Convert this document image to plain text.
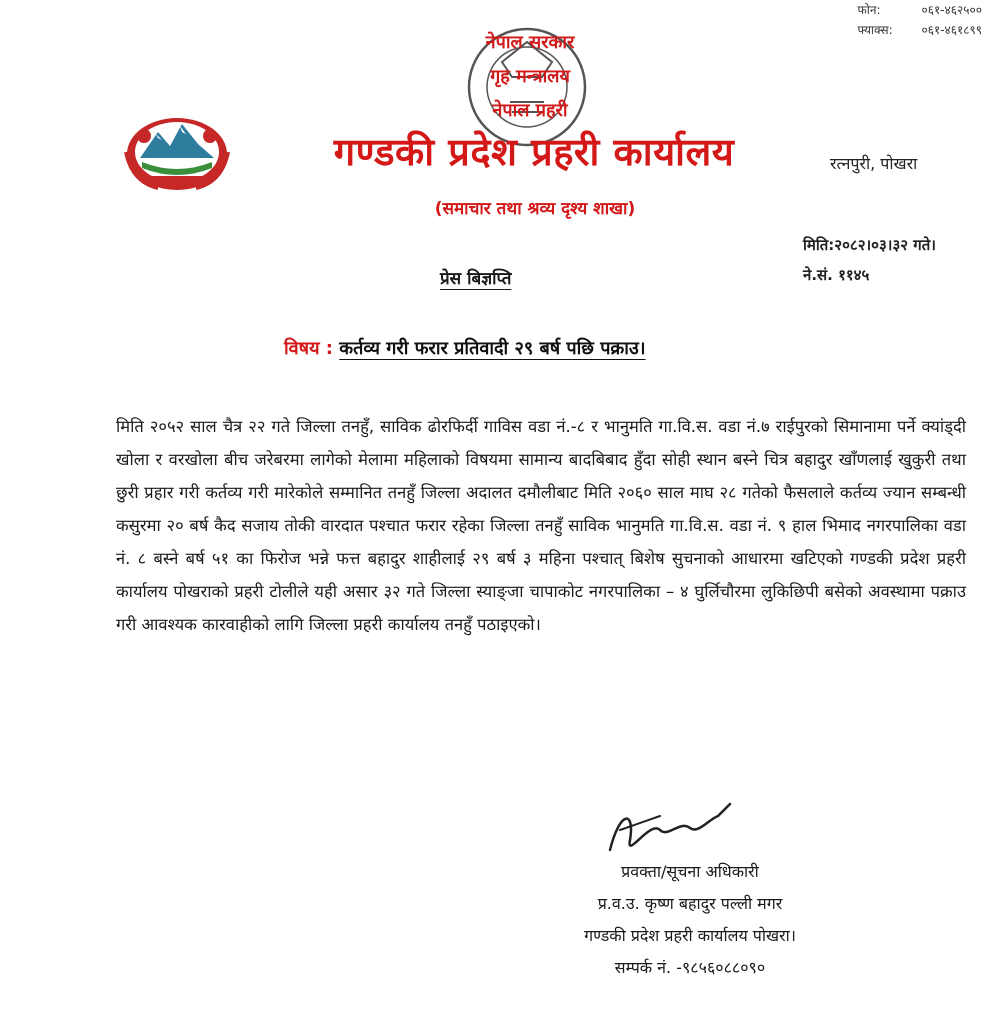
फोन:	०६१-४६२५००
फ्याक्स:	०६१-४६१८९९
नेपाल सरकार
गृह मन्त्रालय
नेपाल प्रहरी
गण्डकी प्रदेश प्रहरी कार्यालय	रत्नपुरी, पोखरा
(समाचार तथा श्रव्य दृश्य शाखा)
मिति:२०८२।०३।३२ गते।
ने.सं. ११४५
प्रेस बिज्ञप्ति
विषय : कर्तव्य गरी फरार प्रतिवादी २९ बर्ष पछि पक्राउ।
मिति २०५२ साल चैत्र २२ गते जिल्ला तनहुँ, साविक ढोरफिर्दी गाविस वडा नं.-८ र भानुमति गा.वि.स. वडा नं.७ राईपुरको सिमानामा पर्ने क्यांड्दी खोला र वरखोला बीच जरेबरमा लागेको मेलामा महिलाको विषयमा सामान्य बादबिबाद हुँदा सोही स्थान बस्ने चित्र बहादुर खाँणलाई खुकुरी तथा छुरी प्रहार गरी कर्तव्य गरी मारेकोले सम्मानित तनहुँ जिल्ला अदालत दमौलीबाट मिति २०६० साल माघ २८ गतेको फैसलाले कर्तव्य ज्यान सम्बन्धी कसुरमा २० बर्ष कैद सजाय तोकी वारदात पश्चात फरार रहेका जिल्ला तनहुँ साविक भानुमति गा.वि.स. वडा नं. ९ हाल भिमाद नगरपालिका वडा नं. ८ बस्ने बर्ष ५१ का फिरोज भन्ने फत्त बहादुर शाहीलाई २९ बर्ष ३ महिना पश्चात् बिशेष सुचनाको आधारमा खटिएको गण्डकी प्रदेश प्रहरी कार्यालय पोखराको प्रहरी टोलीले यही असार ३२ गते जिल्ला स्याङ्जा चापाकोट नगरपालिका – ४ घुर्लिचौरमा लुकिछिपी बसेको अवस्थामा पक्राउ गरी आवश्यक कारवाहीको लागि जिल्ला प्रहरी कार्यालय तनहुँ पठाइएको।
प्रवक्ता/सूचना अधिकारी
प्र.व.उ. कृष्ण बहादुर पल्ली मगर
गण्डकी प्रदेश प्रहरी कार्यालय पोखरा।
सम्पर्क नं. -९८५६०८८०९०
